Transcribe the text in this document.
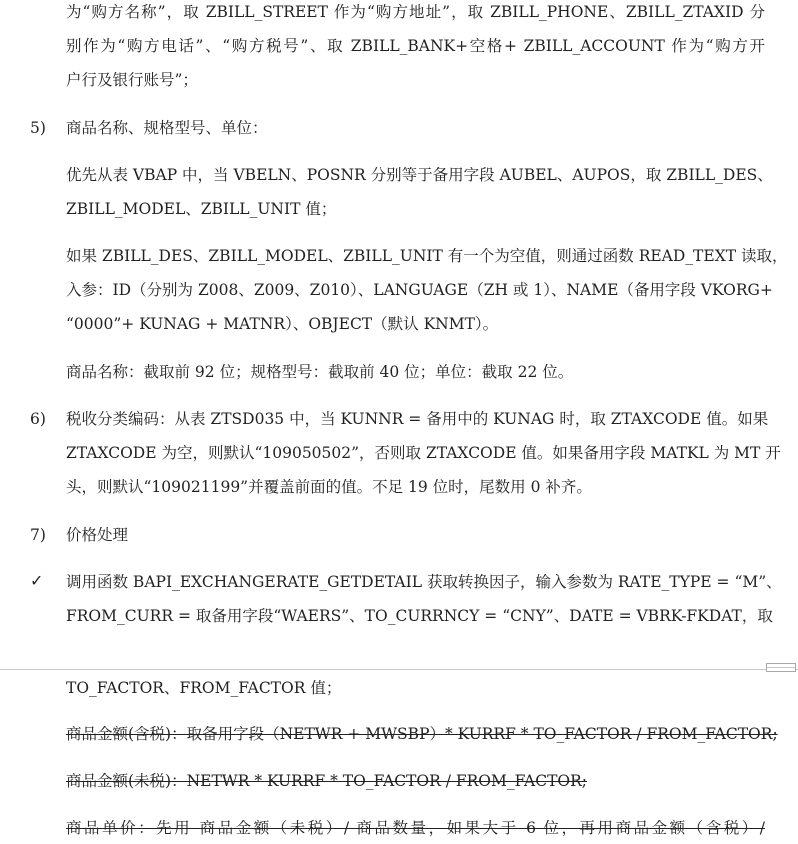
为“购方名称”，取 ZBILL_STREET 作为“购方地址”，取 ZBILL_PHONE、ZBILL_ZTAXID 分
别作为“购方电话”、“购方税号”、取 ZBILL_BANK+空格+ ZBILL_ACCOUNT 作为“购方开
户行及银行账号”；
5) 商品名称、规格型号、单位：
优先从表 VBAP 中，当 VBELN、POSNR 分别等于备用字段 AUBEL、AUPOS，取 ZBILL_DES、
ZBILL_MODEL、ZBILL_UNIT 值；
如果 ZBILL_DES、ZBILL_MODEL、ZBILL_UNIT 有一个为空值，则通过函数 READ_TEXT 读取，
入参：ID（分别为 Z008、Z009、Z010）、LANGUAGE（ZH 或 1）、NAME（备用字段 VKORG+
“0000”+ KUNAG + MATNR）、OBJECT（默认 KNMT）。
商品名称：截取前 92 位；规格型号：截取前 40 位；单位：截取 22 位。
6) 税收分类编码：从表 ZTSD035 中，当 KUNNR = 备用中的 KUNAG 时，取 ZTAXCODE 值。如果
ZTAXCODE 为空，则默认“109050502”，否则取 ZTAXCODE 值。如果备用字段 MATKL 为 MT 开
头，则默认“109021199”并覆盖前面的值。不足 19 位时，尾数用 0 补齐。
7) 价格处理
✓ 调用函数 BAPI_EXCHANGERATE_GETDETAIL 获取转换因子，输入参数为 RATE_TYPE = “M”、
FROM_CURR = 取备用字段“WAERS”、TO_CURRNCY = “CNY”、DATE = VBRK-FKDAT，取
TO_FACTOR、FROM_FACTOR 值；
商品金额(含税)：取备用字段（NETWR + MWSBP）* KURRF * TO_FACTOR / FROM_FACTOR;
商品金额(未税)：NETWR * KURRF * TO_FACTOR / FROM_FACTOR;
商品单价：先用 商品金额（未税）/ 商品数量，如果大于 6 位，再用商品金额（含税）/
